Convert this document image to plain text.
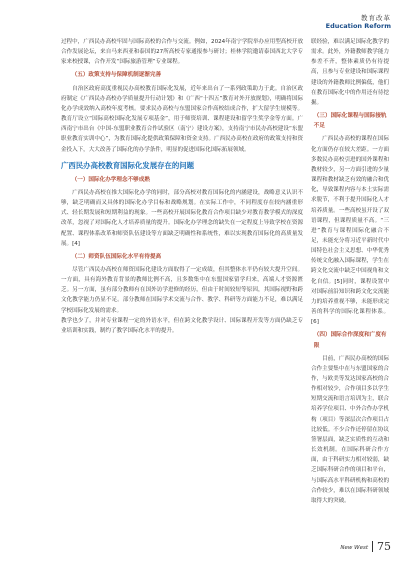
教育改革
Education Reform
过程中，广西民办高校牢固与国际高校的合作与交流。例如，2024年南宁学院举办应用型高校开放合作发展论坛，来自马来西亚和泰国的27所高校专家通报参与研讨；桂林学院邀请泰国西北大学专家来校授课，合作开发“国际旅游管理”专业课程。
（五）政策支持与保障机制逐渐完善
自治区政府高度重视民办高校教育国际化发展，近年来出台了一系列政策助力于此。自治区政府制定《广西民办高校办学质量提升行动计划》和《广西“十四五”教育对外开放规划》，明确将国际化办学成效纳入高校年度考核。要求民办高校与东盟国家合作高校结成合作，扩大留学生规模等。教育厅设立“国际高校国际化发展专项基金”，用于师资培训、课程建设和留学生奖学金等方面。广西南宁市出台《中国-东盟职业教育合作试验区（南宁）建设方案》，支持南宁市民办高校建设“东盟职业教育实训中心”，为教育国际化提供政策保障和资金支持。广西民办高校在政府的政策支持和资金投入下，大大改善了国际化的办学条件，明显的促进国际化国际拓展领域。
广西民办高校教育国际化发展存在的问题
（一）国际化办学理念不够成熟
广西民办高校在推大国际化办学的同时，部分高校对教育国际化的内涵建设，战略意义认识不够，缺乏明确而又具体的国际化办学目标和战略规划。在实际工作中，不同程度存在较内涵重形式、轻长期发展和短期利益的现象。一些高校开展国际化教育合作项目缺少对教育教学模式的深度改革，忽视了对国际化人才培养质量的提升。国际化办学理念的缺失在一定程度上导致学校在资源配置、课程体系改革和师资队伍建设等方面缺乏明确性和系统性，难以实现教育国际化的高质量发展。[4]
（二）师资队伍国际化水平有待提高
尽管广西民办高校在师资国际化建设方面取得了一定成绩，但其整体水平仍有较大提升空间。一方面，具有海外教育背景的教师比例不高，且多数集中在东盟国家留学归来，高端人才资源匮乏。另一方面，虽有部分教师有在国外访学进修的经历，但由于时间较短等原因，其国际视野和跨文化教学能力仍显不足。部分教师在国际学术交流与合作、教学、科研等方面能力不足，难以满足学校国际化发展的需求。
教学也少了，并对专业课程一定的外语水平，但在跨文化教学设计、国际课程开发等方面仍缺乏专业培训和实践，制约了教学国际化水平的提升。
联经验，难以满足国际化教学的需求。此外，外籍教师教学能力参差不齐，整体素质仍有待提高，且参与专业建设和国际课程建设的外籍教师比例偏低，他们在教育国际化中的作用还有待挖掘。
（三）国际化课程与国际接轨不足
广西民办高校的课程在国际化方面仍存在较大差距。一方面多数民办高校引进的国外课程和教材较少，另一方面引进的少量课程和教材缺乏有效的融合和优化，导致课程内容与本土实际需求脱节，不利于提升国际化人才培养质量。一些高校虽开设了双语课程，但课程质量不高。“三进”教育与课程国际化融合不足，未能充分将习近平新时代中国特色社会主义思想、中华优秀传统文化融入国际课程，学生在跨文化交流中缺乏中国视角和文化自信。[5]同时，课程设置中对国际前沿知识和跨文化交流能力的培养重视不够，未能形成完善的科学的国际化课程体系。[6]
（四）国际合作深度和广度有限
目前，广西民办高校的国际合作主要集中在与东盟国家的合作，与欧美等发达国家高校的合作相对较少，合作项目多以学生短期交流和语言培训为主，联合培养学位项目、中外合作办学机构（项目）等深层次合作项目占比较低。不少合作还停留在协议签署层面，缺乏实质性的互动和长效机制。在国际科研合作方面，由于科研实力相对较弱，缺乏国际科研合作的项目和平台，与国际高水平科研机构和高校的合作较少，难以在国际科研领域取得大的突破。
New West 75
